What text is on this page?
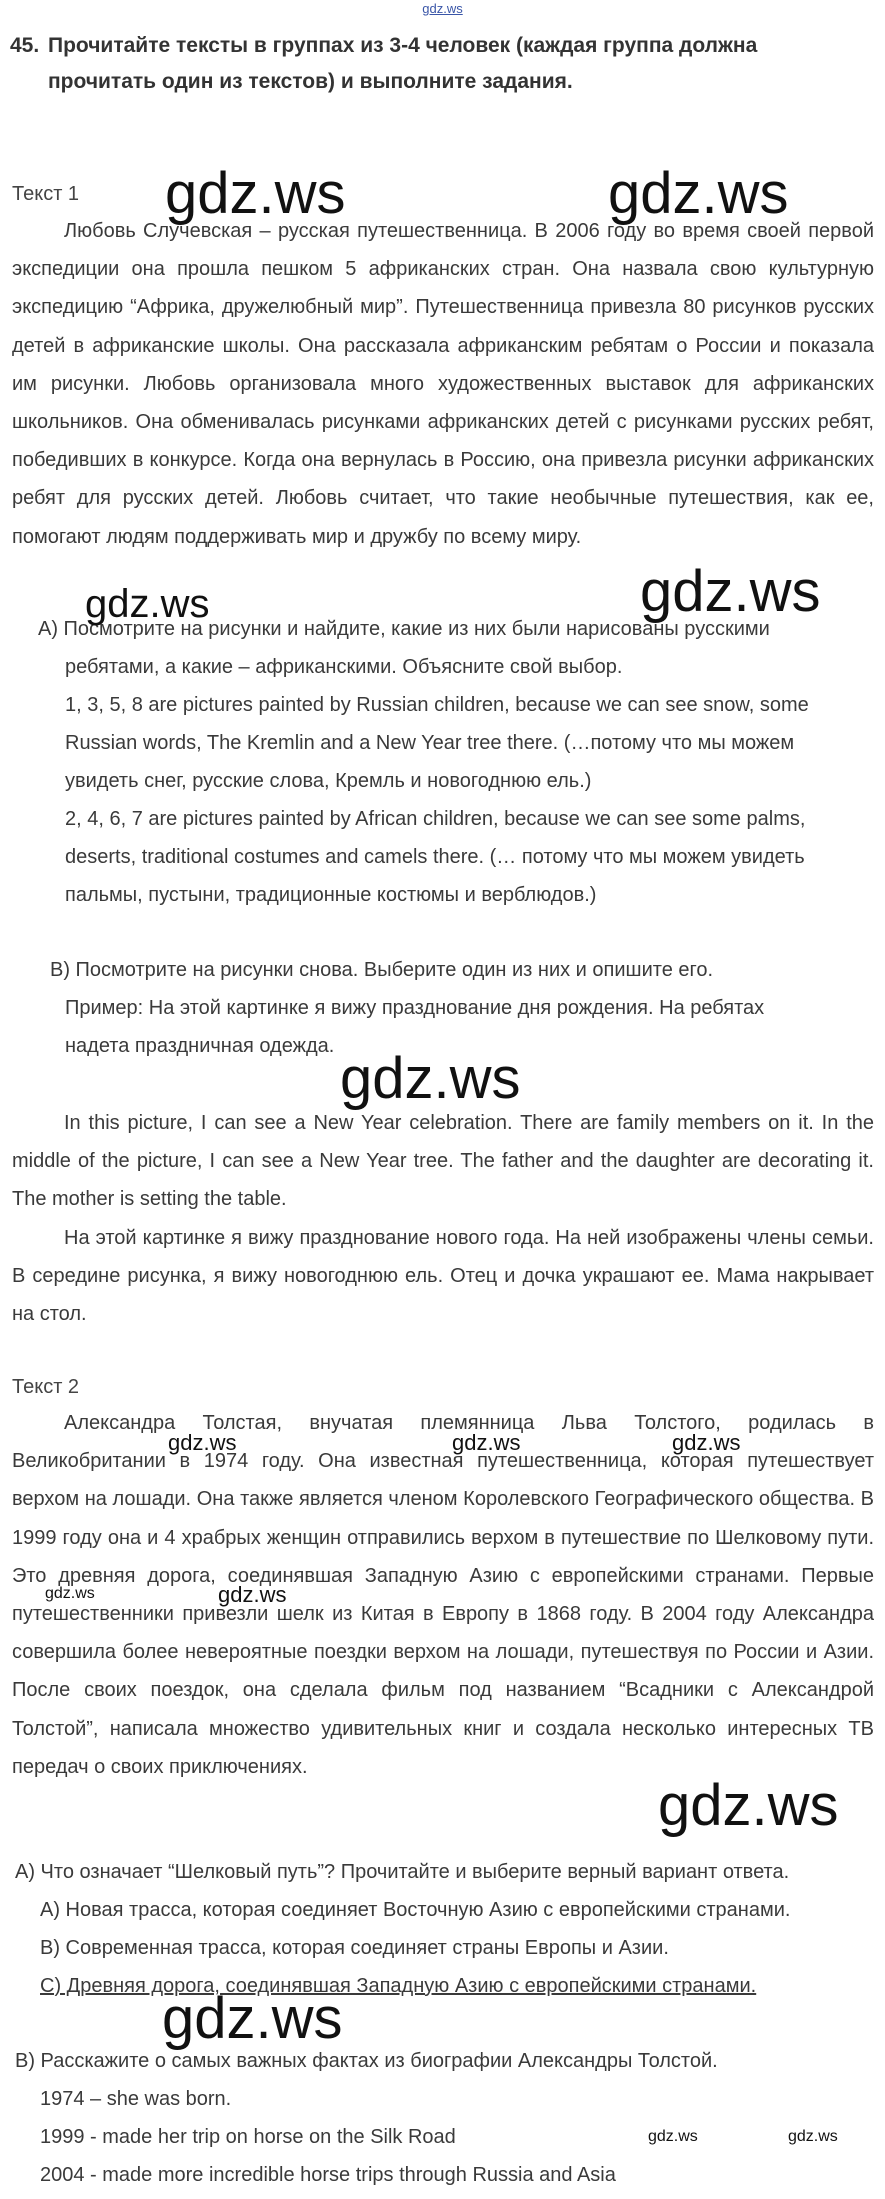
gdz.ws
45. Прочитайте тексты в группах из 3-4 человек (каждая группа должна
прочитать один из текстов) и выполните задания.
Текст 1

Любовь Случевская – русская путешественница. В 2006 году во время своей первой экспедиции она прошла пешком 5 африканских стран. Она назвала свою культурную экспедицию “Африка, дружелюбный мир”. Путешественница привезла 80 рисунков русских детей в африканские школы. Она рассказала африканским ребятам о России и показала им рисунки. Любовь организовала много художественных выставок для африканских школьников. Она обменивалась рисунками африканских детей с рисунками русских ребят, победивших в конкурсе. Когда она вернулась в Россию, она привезла рисунки африканских ребят для русских детей. Любовь считает, что такие необычные путешествия, как ее, помогают людям поддерживать мир и дружбу по всему миру.

А) Посмотрите на рисунки и найдите, какие из них были нарисованы русскими
ребятами, а какие – африканскими. Объясните свой выбор.
1, 3, 5, 8 are pictures painted by Russian children, because we can see snow, some
Russian words, The Kremlin and a New Year tree there. (…потому что мы можем
увидеть снег, русские слова, Кремль и новогоднюю ель.)
2, 4, 6, 7 are pictures painted by African children, because we can see some palms,
deserts, traditional costumes and camels there. (… потому что мы можем увидеть
пальмы, пустыни, традиционные костюмы и верблюдов.)
В) Посмотрите на рисунки снова. Выберите один из них и опишите его.
Пример: На этой картинке я вижу празднование дня рождения. На ребятах
надета праздничная одежда.

In this picture, I can see a New Year celebration. There are family members on it. In the middle of the picture, I can see a New Year tree. The father and the daughter are decorating it. The mother is setting the table.

На этой картинке я вижу празднование нового года. На ней изображены члены семьи. В середине рисунка, я вижу новогоднюю ель. Отец и дочка украшают ее. Мама накрывает на стол.

Текст 2

Александра Толстая, внучатая племянница Льва Толстого, родилась в Великобритании в 1974 году. Она известная путешественница, которая путешествует верхом на лошади. Она также является членом Королевского Географического общества. В 1999 году она и 4 храбрых женщин отправились верхом в путешествие по Шелковому пути. Это древняя дорога, соединявшая Западную Азию с европейскими странами. Первые путешественники привезли шелк из Китая в Европу в 1868 году. В 2004 году Александра совершила более невероятные поездки верхом на лошади, путешествуя по России и Азии. После своих поездок, она сделала фильм под названием “Всадники с Александрой Толстой”, написала множество удивительных книг и создала несколько интересных ТВ передач о своих приключениях.

А) Что означает “Шелковый путь”? Прочитайте и выберите верный вариант ответа.
А) Новая трасса, которая соединяет Восточную Азию с европейскими странами.
В) Современная трасса, которая соединяет страны Европы и Азии.
С) Древняя дорога, соединявшая Западную Азию с европейскими странами.
В) Расскажите о самых важных фактах из биографии Александры Толстой.
1974 – she was born.
1999 - made her trip on horse on the Silk Road
2004 - made more incredible horse trips through Russia and Asia
gdz.ws	gdz.ws
gdz.ws	gdz.ws
gdz.ws
gdz.ws	gdz.ws	gdz.ws
gdz.ws	gdz.ws
gdz.ws
gdz.ws
gdz.ws	gdz.ws
